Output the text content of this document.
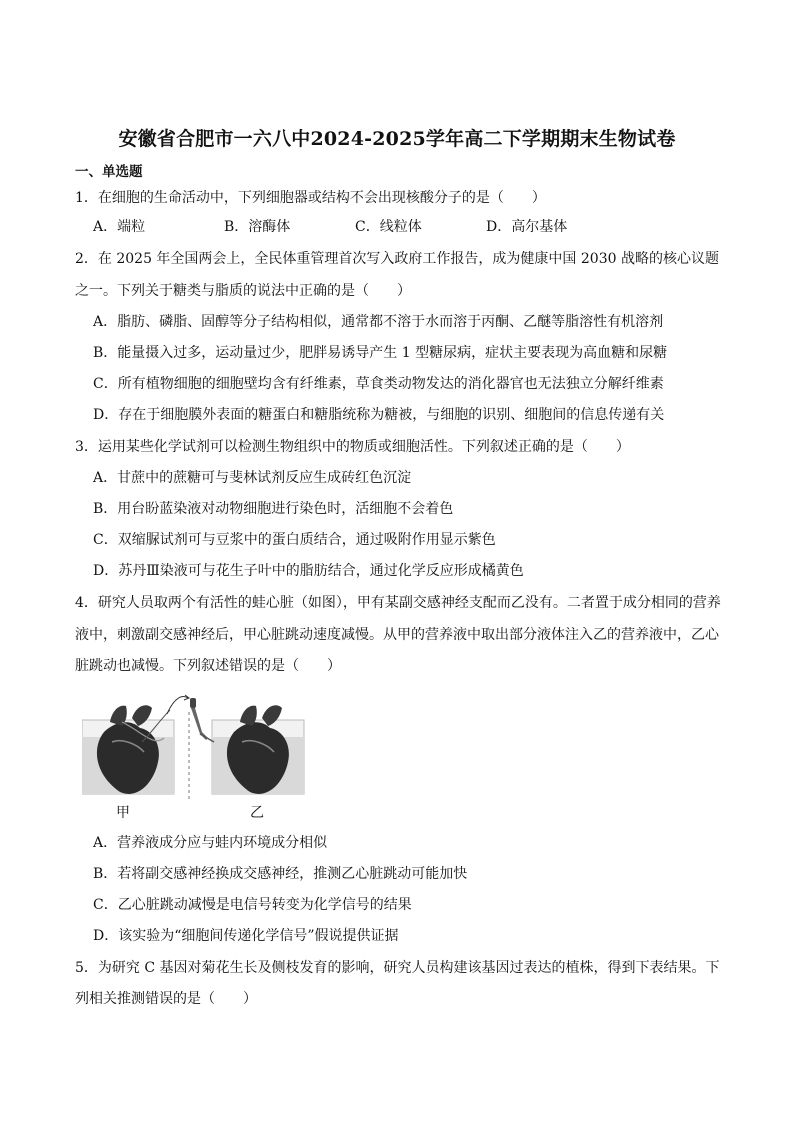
安徽省合肥市一六八中2024-2025学年高二下学期期末生物试卷
一、单选题
1．在细胞的生命活动中，下列细胞器或结构不会出现核酸分子的是（　　）
A．端粒	B．溶酶体	C．线粒体	D．高尔基体
2．在 2025 年全国两会上，全民体重管理首次写入政府工作报告，成为健康中国 2030 战略的核心议题
之一。下列关于糖类与脂质的说法中正确的是（　　）
A．脂肪、磷脂、固醇等分子结构相似，通常都不溶于水而溶于丙酮、乙醚等脂溶性有机溶剂
B．能量摄入过多，运动量过少，肥胖易诱导产生 1 型糖尿病，症状主要表现为高血糖和尿糖
C．所有植物细胞的细胞壁均含有纤维素，草食类动物发达的消化器官也无法独立分解纤维素
D．存在于细胞膜外表面的糖蛋白和糖脂统称为糖被，与细胞的识别、细胞间的信息传递有关
3．运用某些化学试剂可以检测生物组织中的物质或细胞活性。下列叙述正确的是（　　）
A．甘蔗中的蔗糖可与斐林试剂反应生成砖红色沉淀
B．用台盼蓝染液对动物细胞进行染色时，活细胞不会着色
C．双缩脲试剂可与豆浆中的蛋白质结合，通过吸附作用显示紫色
D．苏丹Ⅲ染液可与花生子叶中的脂肪结合，通过化学反应形成橘黄色
4．研究人员取两个有活性的蛙心脏（如图），甲有某副交感神经支配而乙没有。二者置于成分相同的营养
液中，刺激副交感神经后，甲心脏跳动速度减慢。从甲的营养液中取出部分液体注入乙的营养液中，乙心
脏跳动也减慢。下列叙述错误的是（　　）
甲	乙
A．营养液成分应与蛙内环境成分相似
B．若将副交感神经换成交感神经，推测乙心脏跳动可能加快
C．乙心脏跳动减慢是电信号转变为化学信号的结果
D．该实验为“细胞间传递化学信号”假说提供证据
5．为研究 C 基因对菊花生长及侧枝发育的影响，研究人员构建该基因过表达的植株，得到下表结果。下
列相关推测错误的是（　　）
